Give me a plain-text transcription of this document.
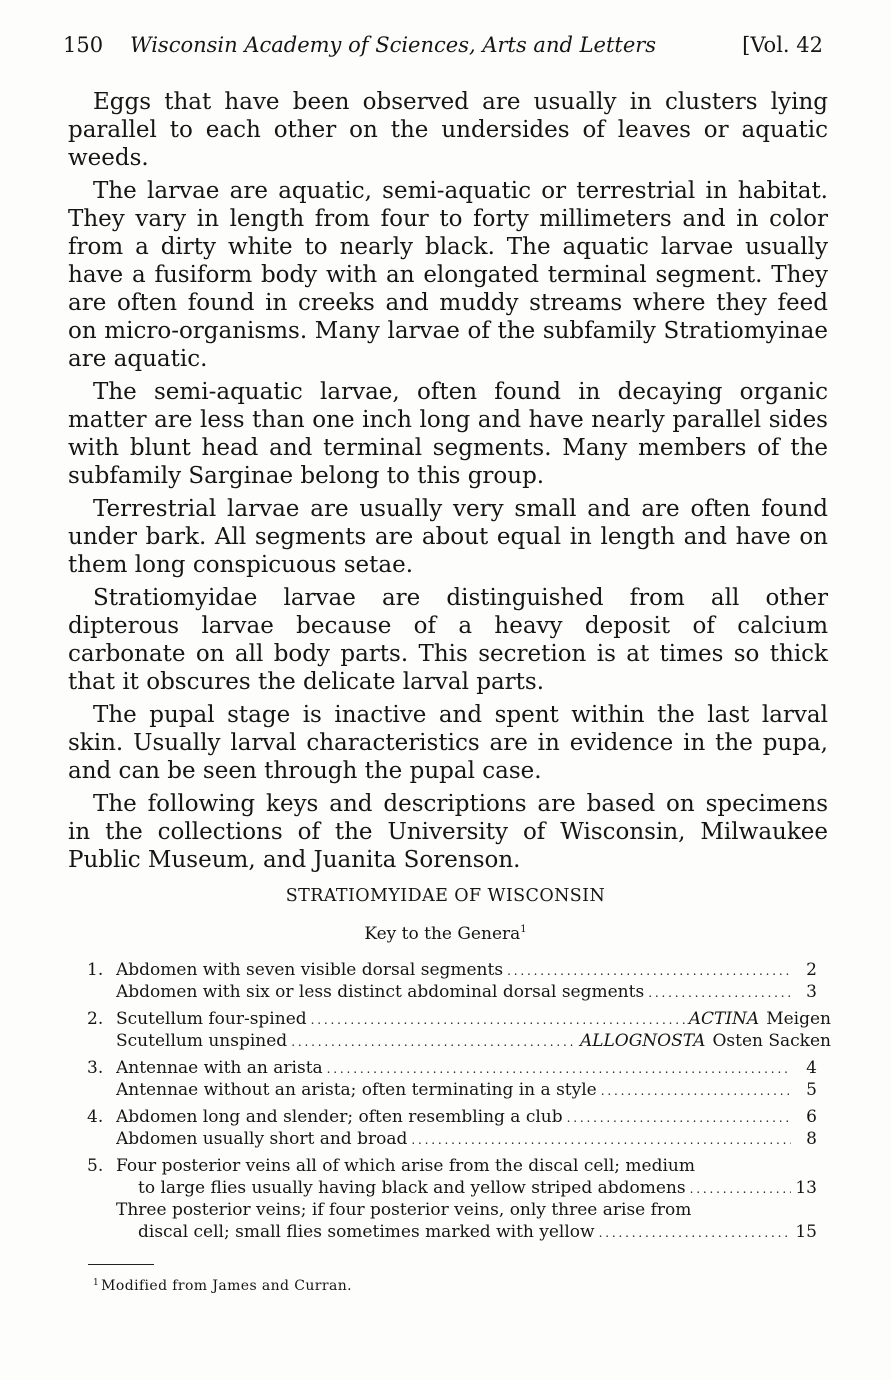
150 Wisconsin Academy of Sciences, Arts and Letters	[Vol. 42

Eggs that have been observed are usually in clusters lying parallel to each other on the undersides of leaves or aquatic weeds.

The larvae are aquatic, semi-aquatic or terrestrial in habitat. They vary in length from four to forty millimeters and in color from a dirty white to nearly black. The aquatic larvae usually have a fusiform body with an elongated terminal segment. They are often found in creeks and muddy streams where they feed on micro-organisms. Many larvae of the subfamily Stratiomyinae are aquatic.

The semi-aquatic larvae, often found in decaying organic matter are less than one inch long and have nearly parallel sides with blunt head and terminal segments. Many members of the subfamily Sarginae belong to this group.

Terrestrial larvae are usually very small and are often found under bark. All segments are about equal in length and have on them long conspicuous setae.

Stratiomyidae larvae are distinguished from all other dipterous larvae because of a heavy deposit of calcium carbonate on all body parts. This secretion is at times so thick that it obscures the delicate larval parts.

The pupal stage is inactive and spent within the last larval skin. Usually larval characteristics are in evidence in the pupa, and can be seen through the pupal case.

The following keys and descriptions are based on specimens in the collections of the University of Wisconsin, Milwaukee Public Museum, and Juanita Sorenson.

STRATIOMYIDAE OF WISCONSIN
Key to the Genera$^1$
1. Abdomen with seven visible dorsal segments . . .	2
Abdomen with six or less distinct abdominal dorsal segments . . .	3
2. Scutellum four-spined . . .	ACTINA Meigen
Scutellum unspined . . .	ALLOGNOSTA Osten Sacken
3. Antennae with an arista . . .	4
Antennae without an arista; often terminating in a style . . .	5
4. Abdomen long and slender; often resembling a club . . .	6
Abdomen usually short and broad . . .	8
5. Four posterior veins all of which arise from the discal cell; medium
to large flies usually having black and yellow striped abdomens . . .	13
Three posterior veins; if four posterior veins, only three arise from
discal cell; small flies sometimes marked with yellow . . .	15
$^1$ Modified from James and Curran.
